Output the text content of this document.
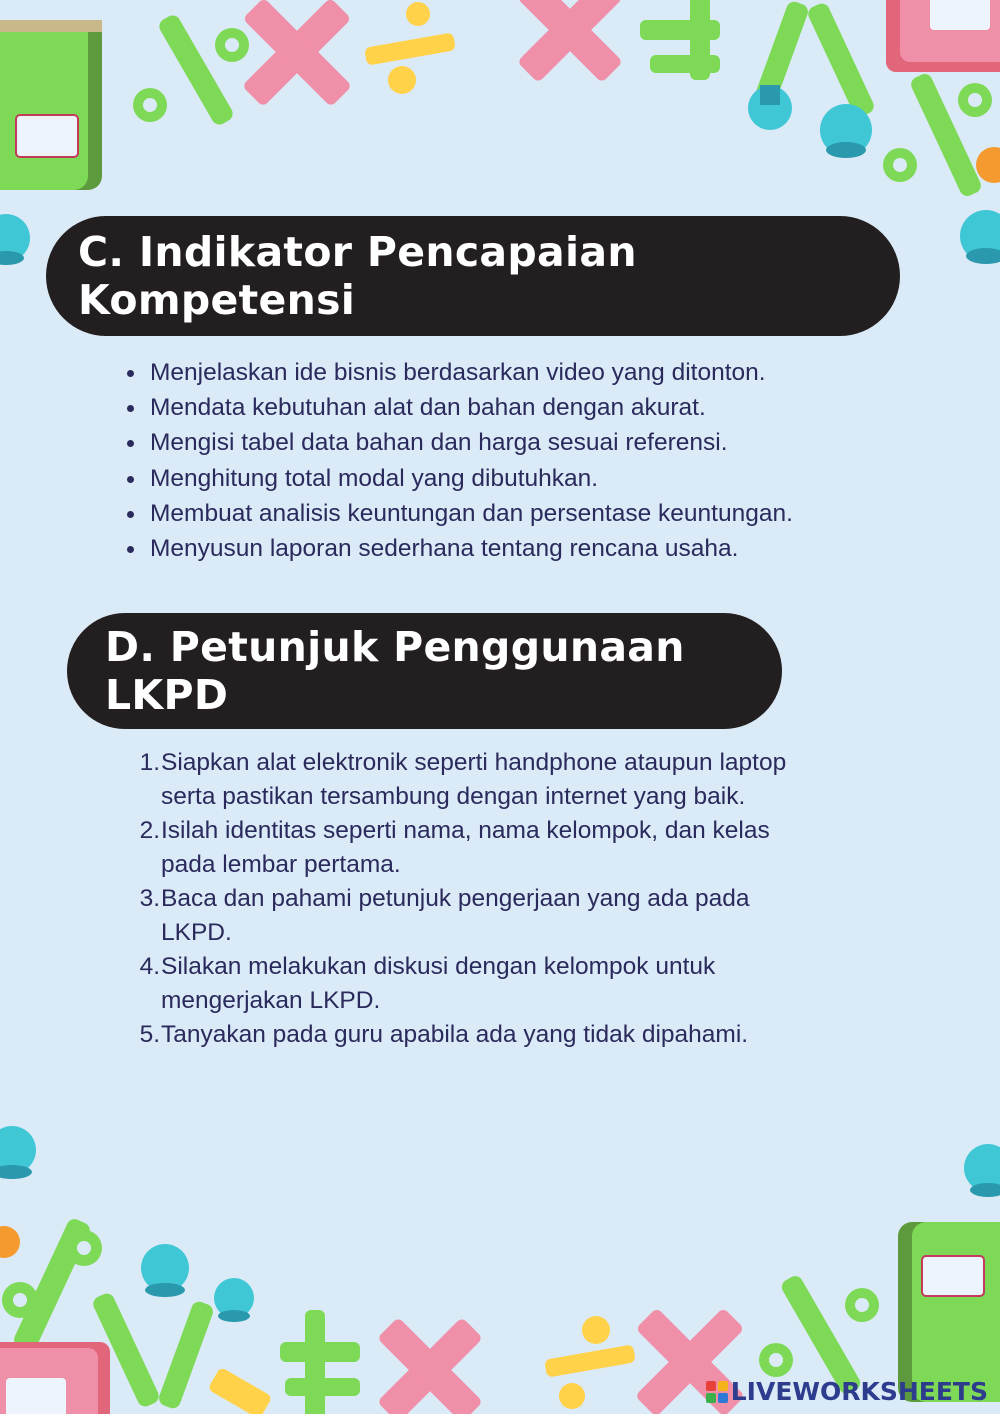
C. Indikator Pencapaian Kompetensi
Menjelaskan ide bisnis berdasarkan video yang ditonton.
Mendata kebutuhan alat dan bahan dengan akurat.
Mengisi tabel data bahan dan harga sesuai referensi.
Menghitung total modal yang dibutuhkan.
Membuat analisis keuntungan dan persentase keuntungan.
Menyusun laporan sederhana tentang rencana usaha.
D. Petunjuk Penggunaan LKPD
1. Siapkan alat elektronik seperti handphone ataupun laptop
serta pastikan tersambung dengan internet yang baik.
2. Isilah identitas seperti nama, nama kelompok, dan kelas
pada lembar pertama.
3. Baca dan pahami petunjuk pengerjaan yang ada pada
LKPD.
4. Silakan melakukan diskusi dengan kelompok untuk
mengerjakan LKPD.
5. Tanyakan pada guru apabila ada yang tidak dipahami.
LIVEWORKSHEETS
